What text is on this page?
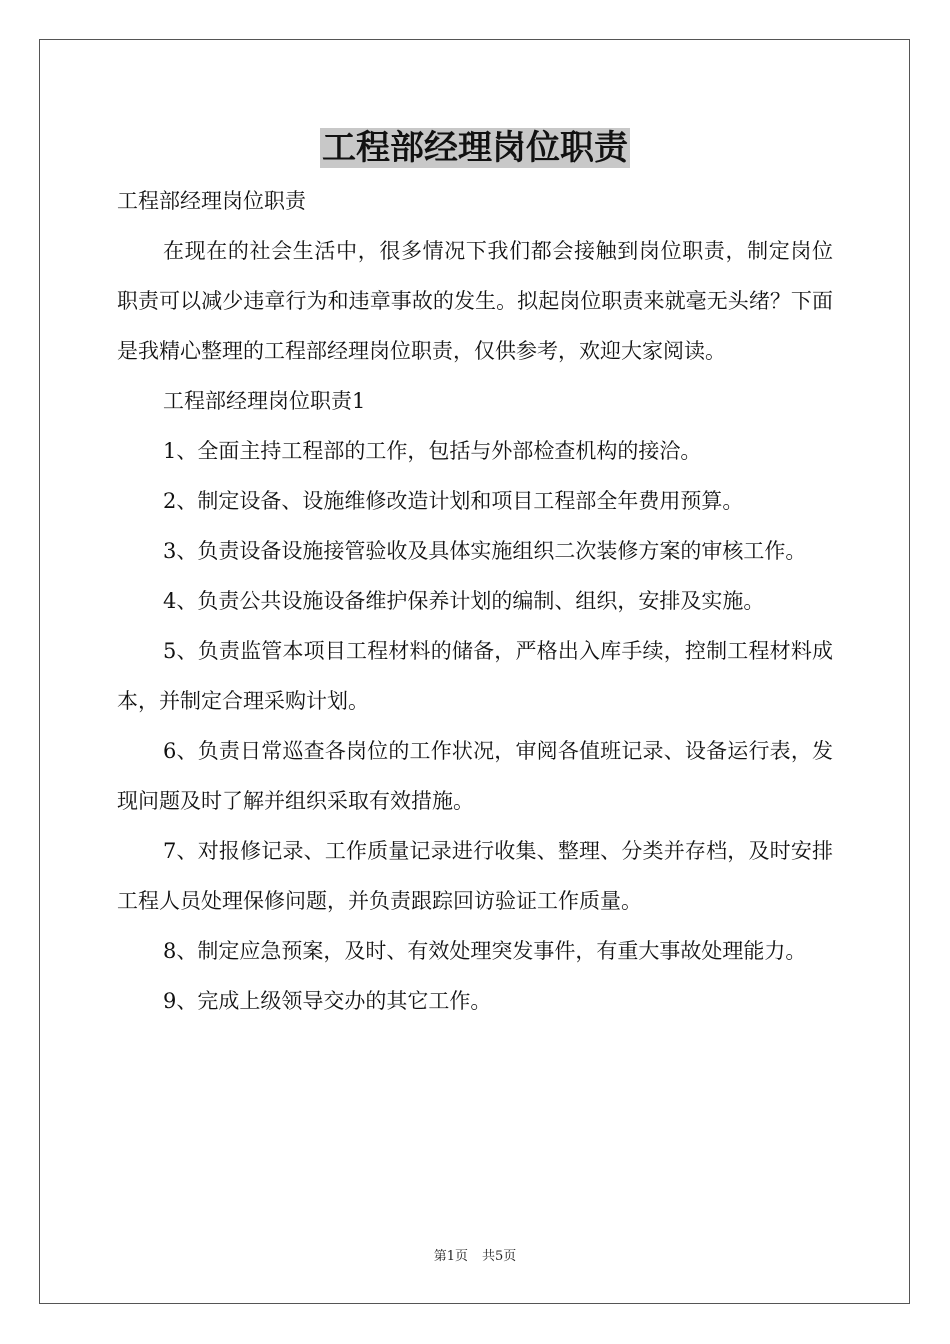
工程部经理岗位职责

工程部经理岗位职责

在现在的社会生活中，很多情况下我们都会接触到岗位职责，制定岗位职责可以减少违章行为和违章事故的发生。拟起岗位职责来就毫无头绪？下面是我精心整理的工程部经理岗位职责，仅供参考，欢迎大家阅读。

工程部经理岗位职责1

1、全面主持工程部的工作，包括与外部检查机构的接洽。

2、制定设备、设施维修改造计划和项目工程部全年费用预算。

3、负责设备设施接管验收及具体实施组织二次装修方案的审核工作。

4、负责公共设施设备维护保养计划的编制、组织，安排及实施。

5、负责监管本项目工程材料的储备，严格出入库手续，控制工程材料成本，并制定合理采购计划。

6、负责日常巡查各岗位的工作状况，审阅各值班记录、设备运行表，发现问题及时了解并组织采取有效措施。

7、对报修记录、工作质量记录进行收集、整理、分类并存档，及时安排工程人员处理保修问题，并负责跟踪回访验证工作质量。

8、制定应急预案，及时、有效处理突发事件，有重大事故处理能力。

9、完成上级领导交办的其它工作。

第1页 共5页
